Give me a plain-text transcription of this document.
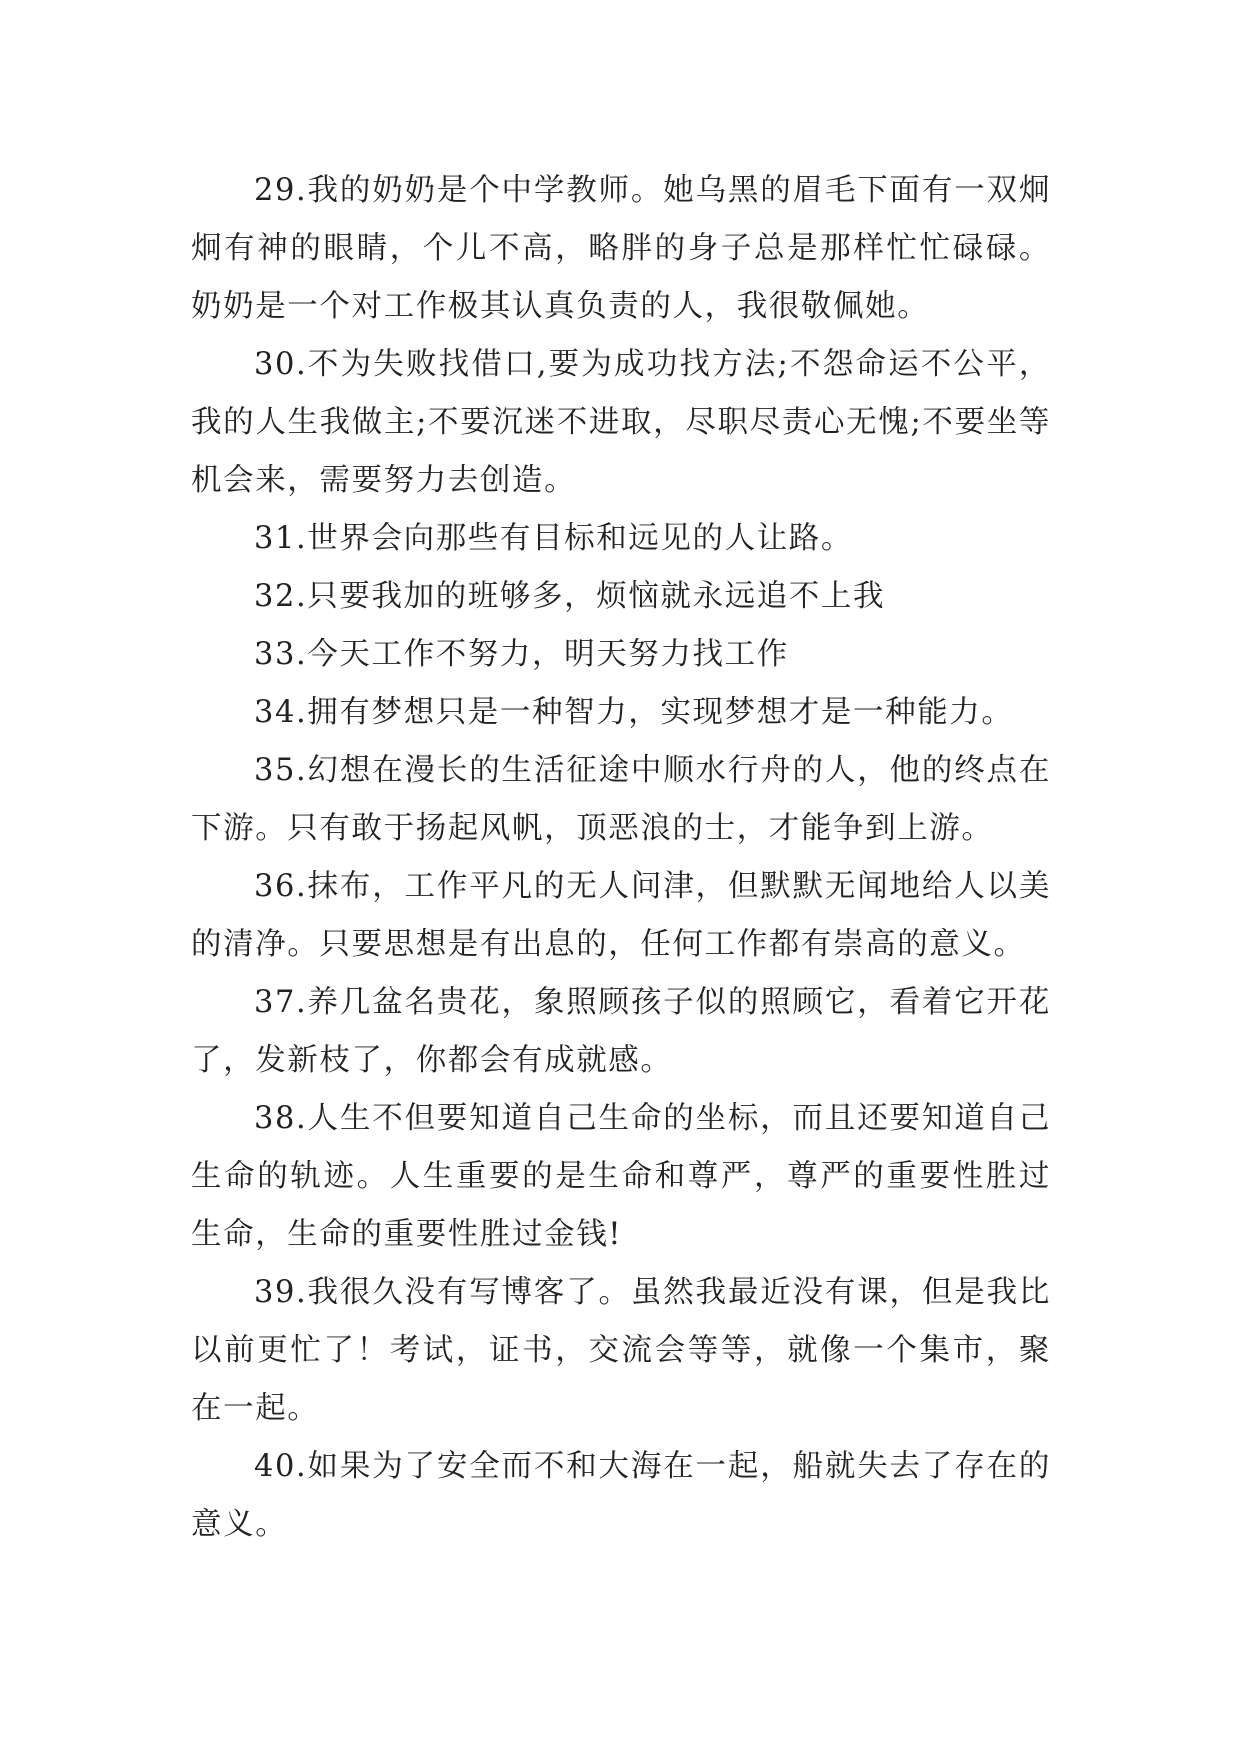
29.我的奶奶是个中学教师。她乌黑的眉毛下面有一双炯炯有神的眼睛，个儿不高，略胖的身子总是那样忙忙碌碌。奶奶是一个对工作极其认真负责的人，我很敬佩她。

30.不为失败找借口,要为成功找方法;不怨命运不公平，我的人生我做主;不要沉迷不进取，尽职尽责心无愧;不要坐等机会来，需要努力去创造。

31.世界会向那些有目标和远见的人让路。

32.只要我加的班够多，烦恼就永远追不上我

33.今天工作不努力，明天努力找工作

34.拥有梦想只是一种智力，实现梦想才是一种能力。

35.幻想在漫长的生活征途中顺水行舟的人，他的终点在下游。只有敢于扬起风帆，顶恶浪的士，才能争到上游。

36.抹布，工作平凡的无人问津，但默默无闻地给人以美的清净。只要思想是有出息的，任何工作都有崇高的意义。

37.养几盆名贵花，象照顾孩子似的照顾它，看着它开花了，发新枝了，你都会有成就感。

38.人生不但要知道自己生命的坐标，而且还要知道自己生命的轨迹。人生重要的是生命和尊严，尊严的重要性胜过生命，生命的重要性胜过金钱!

39.我很久没有写博客了。虽然我最近没有课，但是我比以前更忙了！考试，证书，交流会等等，就像一个集市，聚在一起。

40.如果为了安全而不和大海在一起，船就失去了存在的意义。
